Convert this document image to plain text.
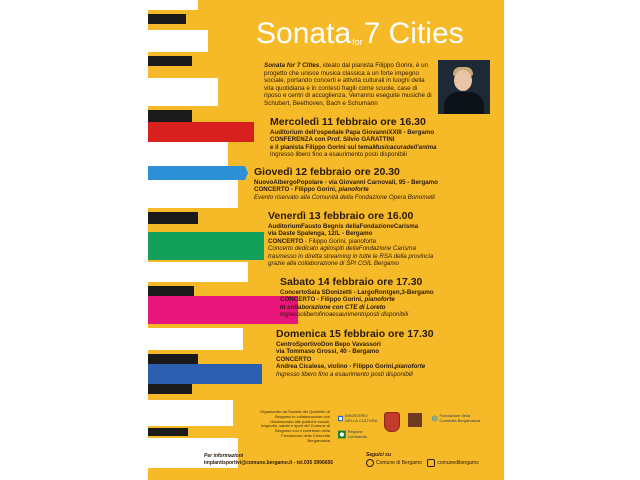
Sonata$^{for}$7 Cities
Sonata for 7 Cities, ideato dal pianista Filippo Gorini, è un progetto che unisce musica classica a un forte impegno sociale, portando concerti e attività culturali in luoghi della vita quotidiana e in contesti fragili come scuole, case di riposo e centri di accoglienza. Verranno eseguite musiche di Schubert, Beethoven, Bach e Schumann
Mercoledì 11 febbraio ore 16.30
Auditorium dell'ospedale Papa GiovanniXXIII - Bergamo
CONFERENZA con Prof. Silvio GARATTINI
e il pianista Filippo Gorini sul temaMusicacuradell'anima
Ingresso libero fino a esaurimento posti disponibili
Giovedì 12 febbraio ore 20.30
NuovoAlbergoPopolare - via Giovanni Carnovali, 95 - Bergamo
CONCERTO - Filippo Gorini, pianoforte
Evento riservato alla Comunità della Fondazione Opera Bonomelli
Venerdì 13 febbraio ore 16.00
AuditoriumFausto Begnis dellaFondazioneCarisma
via Daste Spalenga, 12/L - Bergamo
CONCERTO - Filippo Gorini, pianoforte
Concerto dedicato agliospiti dellaFondazione Carisma
trasmesso in diretta streaming in tutte le RSA della provincia
grazie alla collaborazione di SPI CGIL Bergamo
Sabato 14 febbraio ore 17.30
ConcertoSala SDonizetti - LargoRontgen,3-Bergamo
CONCERTO - Filippo Gorini, pianoforte
In collaborazione con CTE di Loreto
Ingressoliberofinoaesaurimentoposti disponibili
Domenica 15 febbraio ore 17.30
CentroSportivoDon Bepo Vavassori
via Tommaso Grossi, 40 - Bergamo
CONCERTO
Andrea Cicalese, violino - Filippo Gorini,pianoforte
Ingresso libero fino a esaurimento posti disponibili
Organizzato da Società del Quartetto di Bergamo in collaborazione con l'Assessorato alle politiche sociali, longevità, salute e sport del Comune di Bergamo con il contributo della Fondazione della Comunità Bergamasca
MINISTERO DELLA CULTURA
Regione Lombardia
Fondazione della Comunità Bergamasca
Per informazioni
impiantisportivi@comune.bergamo.it - tel.035 3996656
Seguici su
Comune di Bergamo	comunedibergamo
